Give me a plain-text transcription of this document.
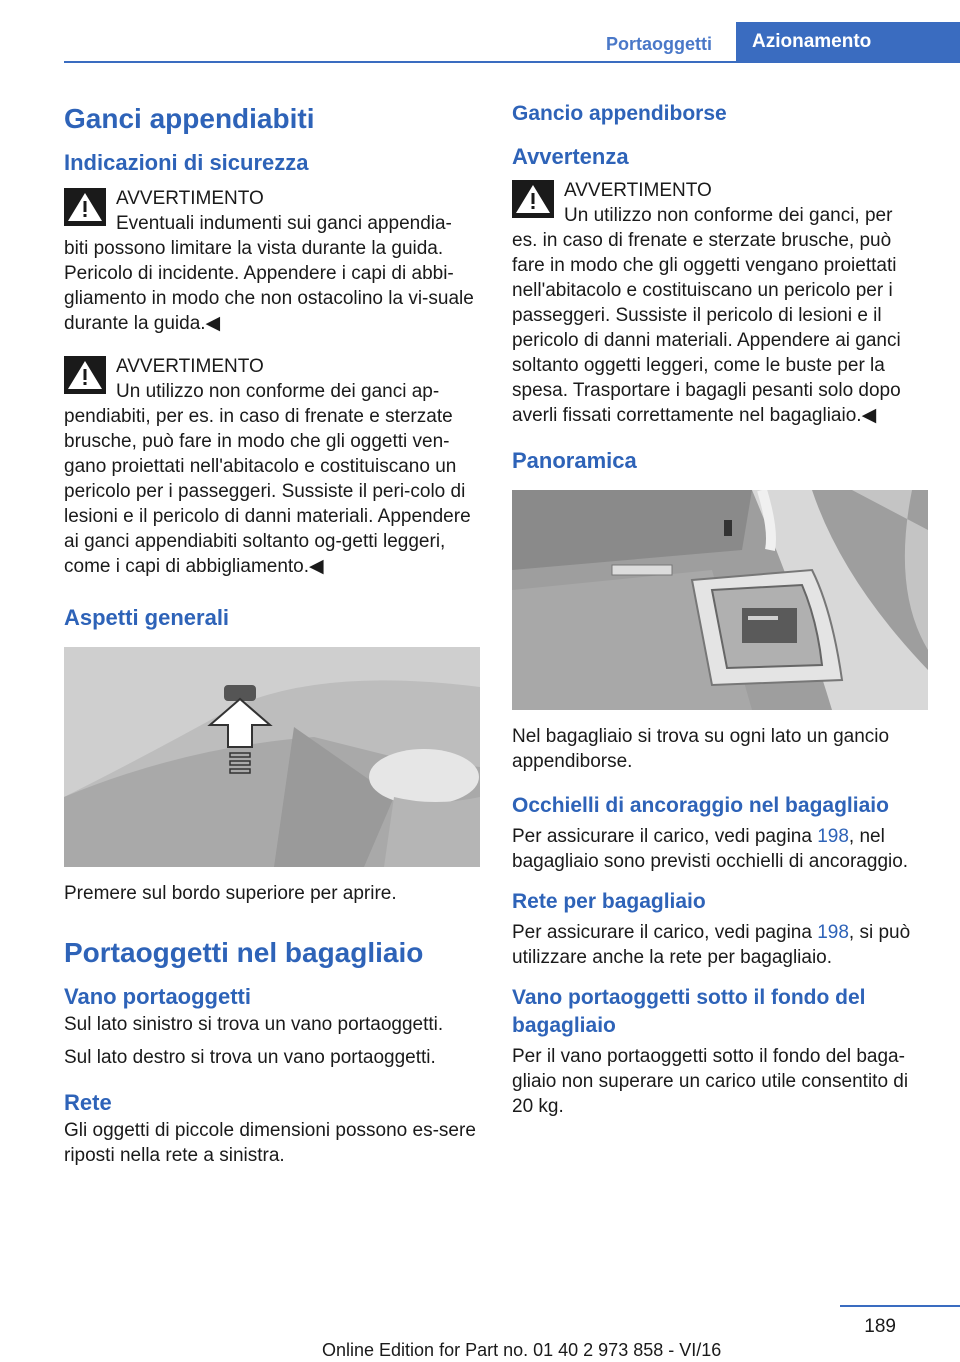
Portaoggetti	Azionamento
Ganci appendiabiti
Indicazioni di sicurezza
AVVERTIMENTO

Eventuali indumenti sui ganci appendia‐

biti possono limitare la vista durante la guida. Pericolo di incidente. Appendere i capi di abbi‐gliamento in modo che non ostacolino la vi‐suale durante la guida.◀

AVVERTIMENTO

Un utilizzo non conforme dei ganci ap‐

pendiabiti, per es. in caso di frenate e sterzate brusche, può fare in modo che gli oggetti ven‐gano proiettati nell'abitacolo e costituiscano un pericolo per i passeggeri. Sussiste il peri‐colo di lesioni e il pericolo di danni materiali. Appendere ai ganci appendiabiti soltanto og‐getti leggeri, come i capi di abbigliamento.◀

Aspetti generali

Premere sul bordo superiore per aprire.

Portaoggetti nel bagagliaio
Vano portaoggetti

Sul lato sinistro si trova un vano portaoggetti.

Sul lato destro si trova un vano portaoggetti.

Rete

Gli oggetti di piccole dimensioni possono es‐sere riposti nella rete a sinistra.

Gancio appendiborse
Avvertenza
AVVERTIMENTO

Un utilizzo non conforme dei ganci, per

es. in caso di frenate e sterzate brusche, può fare in modo che gli oggetti vengano proiettati nell'abitacolo e costituiscano un pericolo per i passeggeri. Sussiste il pericolo di lesioni e il pericolo di danni materiali. Appendere ai ganci soltanto oggetti leggeri, come le buste per la spesa. Trasportare i bagagli pesanti solo dopo averli fissati correttamente nel bagagliaio.◀

Panoramica

Nel bagagliaio si trova su ogni lato un gancio appendiborse.

Occhielli di ancoraggio nel bagagliaio

Per assicurare il carico, vedi pagina 198, nel bagagliaio sono previsti occhielli di ancoraggio.

Rete per bagagliaio

Per assicurare il carico, vedi pagina 198, si può utilizzare anche la rete per bagagliaio.

Vano portaoggetti sotto il fondo del bagagliaio

Per il vano portaoggetti sotto il fondo del baga‐gliaio non superare un carico utile consentito di 20 kg.

189
Online Edition for Part no. 01 40 2 973 858 - VI/16
